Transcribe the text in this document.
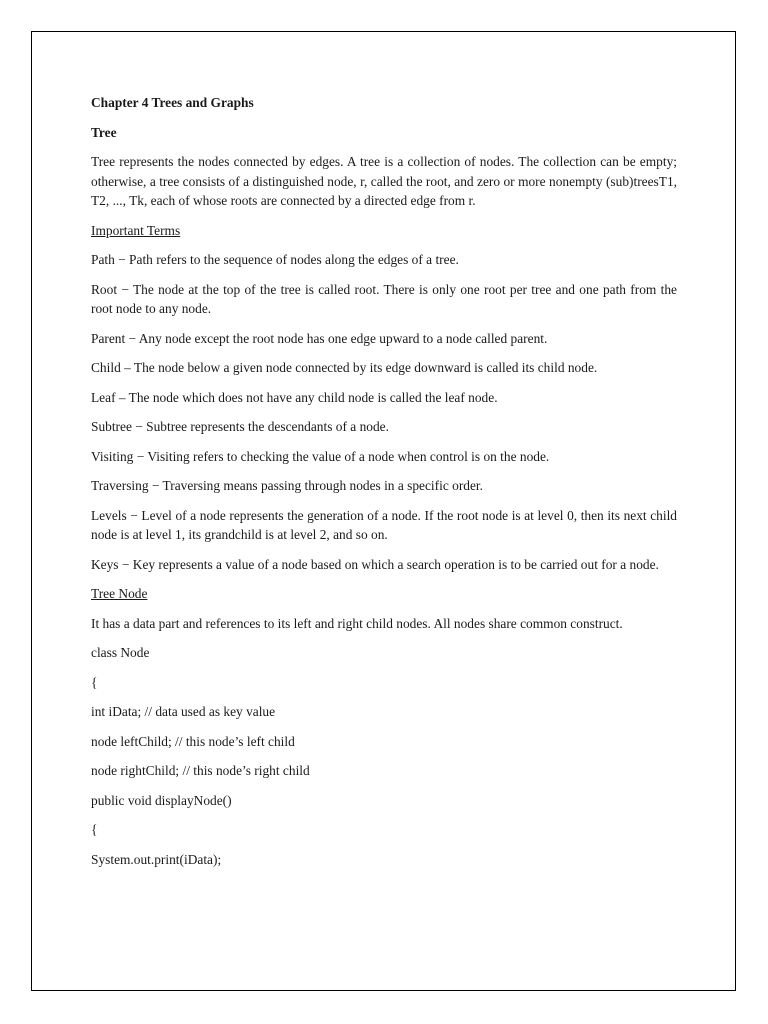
Chapter 4 Trees and Graphs

Tree

Tree represents the nodes connected by edges. A tree is a collection of nodes. The collection can be empty; otherwise, a tree consists of a distinguished node, r, called the root, and zero or more nonempty (sub)treesT1, T2, ..., Tk, each of whose roots are connected by a directed edge from r.

Important Terms

Path − Path refers to the sequence of nodes along the edges of a tree.

Root − The node at the top of the tree is called root. There is only one root per tree and one path from the root node to any node.

Parent − Any node except the root node has one edge upward to a node called parent.

Child – The node below a given node connected by its edge downward is called its child node.

Leaf – The node which does not have any child node is called the leaf node.

Subtree − Subtree represents the descendants of a node.

Visiting − Visiting refers to checking the value of a node when control is on the node.

Traversing − Traversing means passing through nodes in a specific order.

Levels − Level of a node represents the generation of a node. If the root node is at level 0, then its next child node is at level 1, its grandchild is at level 2, and so on.

Keys − Key represents a value of a node based on which a search operation is to be carried out for a node.

Tree Node

It has a data part and references to its left and right child nodes. All nodes share common construct.

class Node

{

int iData; // data used as key value

node leftChild; // this node’s left child

node rightChild; // this node’s right child

public void displayNode()

{

System.out.print(iData);
